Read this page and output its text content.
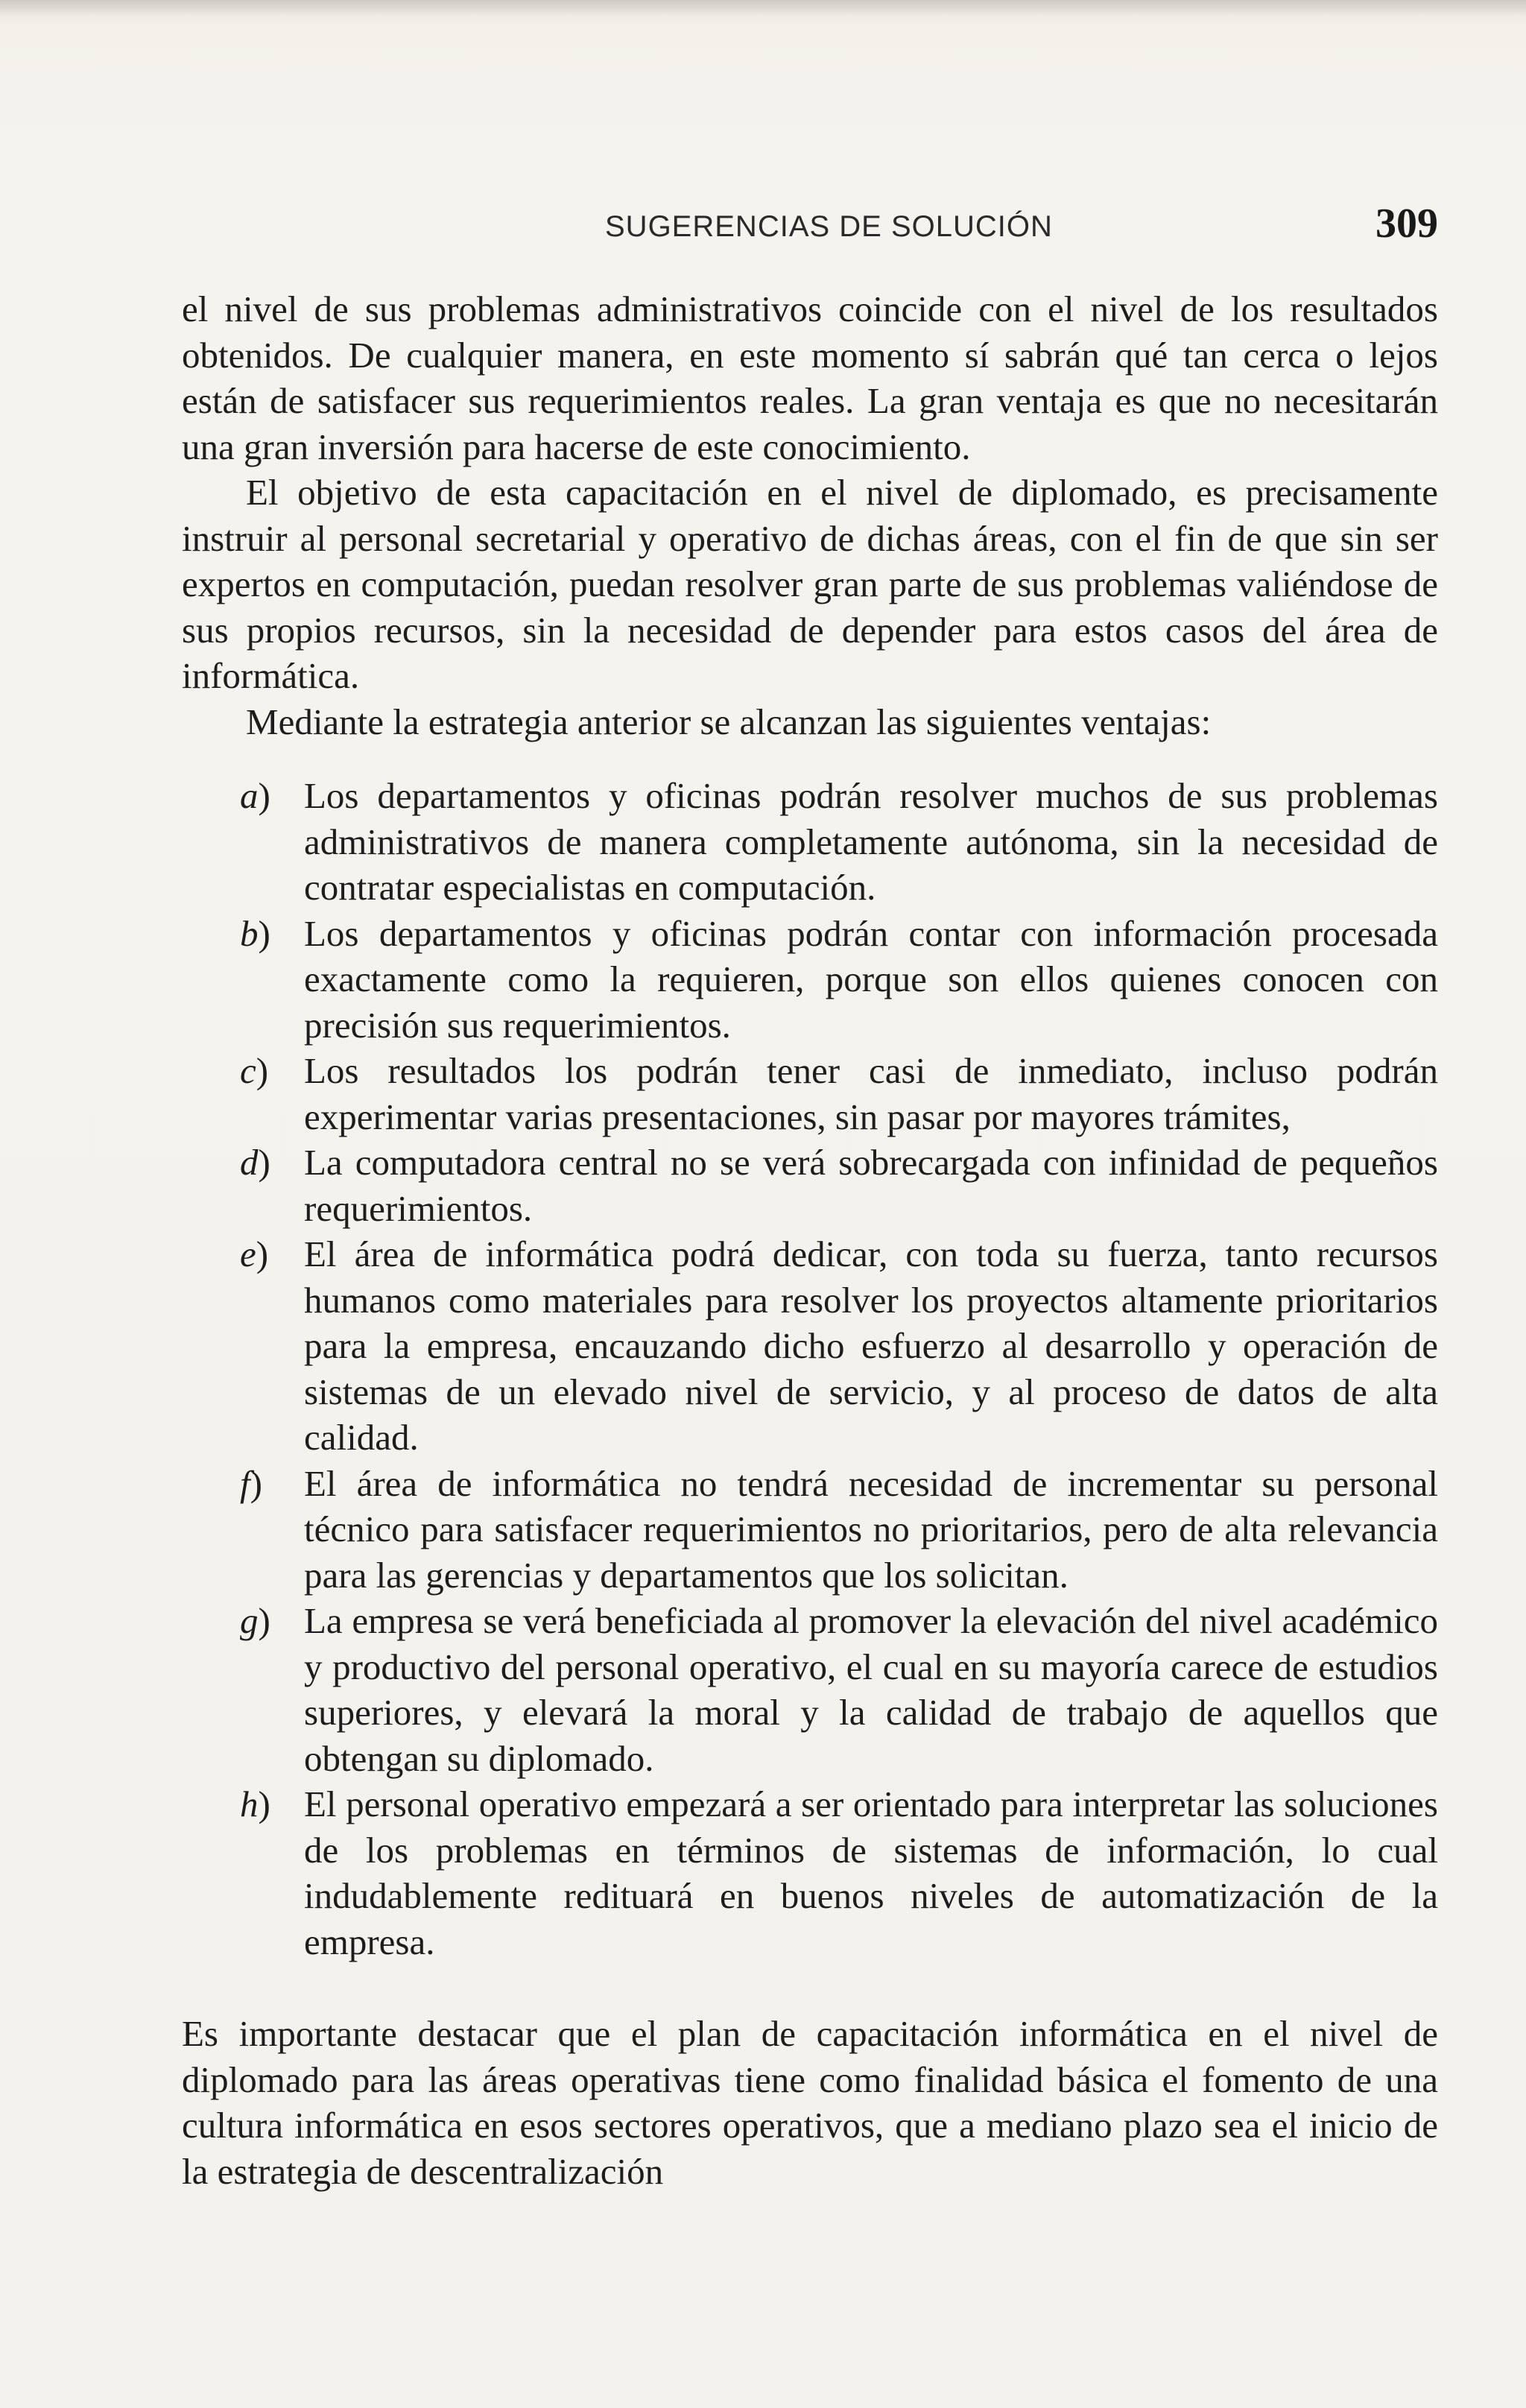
SUGERENCIAS DE SOLUCIÓN	309

el nivel de sus problemas administrativos coincide con el nivel de los resultados obtenidos. De cualquier manera, en este momento sí sabrán qué tan cerca o lejos están de satisfacer sus requerimientos reales. La gran ventaja es que no necesitarán una gran inversión para hacerse de este conocimiento.

El objetivo de esta capacitación en el nivel de diplomado, es precisamente instruir al personal secretarial y operativo de dichas áreas, con el fin de que sin ser expertos en computación, puedan resolver gran parte de sus problemas valiéndose de sus propios recursos, sin la necesidad de depender para estos casos del área de informática.

Mediante la estrategia anterior se alcanzan las siguientes ventajas:

a) Los departamentos y oficinas podrán resolver muchos de sus problemas administrativos de manera completamente autónoma, sin la necesidad de contratar especialistas en computación.
b) Los departamentos y oficinas podrán contar con información procesada exactamente como la requieren, porque son ellos quienes conocen con precisión sus requerimientos.
c) Los resultados los podrán tener casi de inmediato, incluso podrán experimentar varias presentaciones, sin pasar por mayores trámites,
d) La computadora central no se verá sobrecargada con infinidad de pequeños requerimientos.
e) El área de informática podrá dedicar, con toda su fuerza, tanto recursos humanos como materiales para resolver los proyectos altamente prioritarios para la empresa, encauzando dicho esfuerzo al desarrollo y operación de sistemas de un elevado nivel de servicio, y al proceso de datos de alta calidad.
f) El área de informática no tendrá necesidad de incrementar su personal técnico para satisfacer requerimientos no prioritarios, pero de alta relevancia para las gerencias y departamentos que los solicitan.
g) La empresa se verá beneficiada al promover la elevación del nivel académico y productivo del personal operativo, el cual en su mayoría carece de estudios superiores, y elevará la moral y la calidad de trabajo de aquellos que obtengan su diplomado.
h) El personal operativo empezará a ser orientado para interpretar las soluciones de los problemas en términos de sistemas de información, lo cual indudablemente redituará en buenos niveles de automatización de la empresa.

Es importante destacar que el plan de capacitación informática en el nivel de diplomado para las áreas operativas tiene como finalidad básica el fomento de una cultura informática en esos sectores operativos, que a mediano plazo sea el inicio de la estrategia de descentralización
